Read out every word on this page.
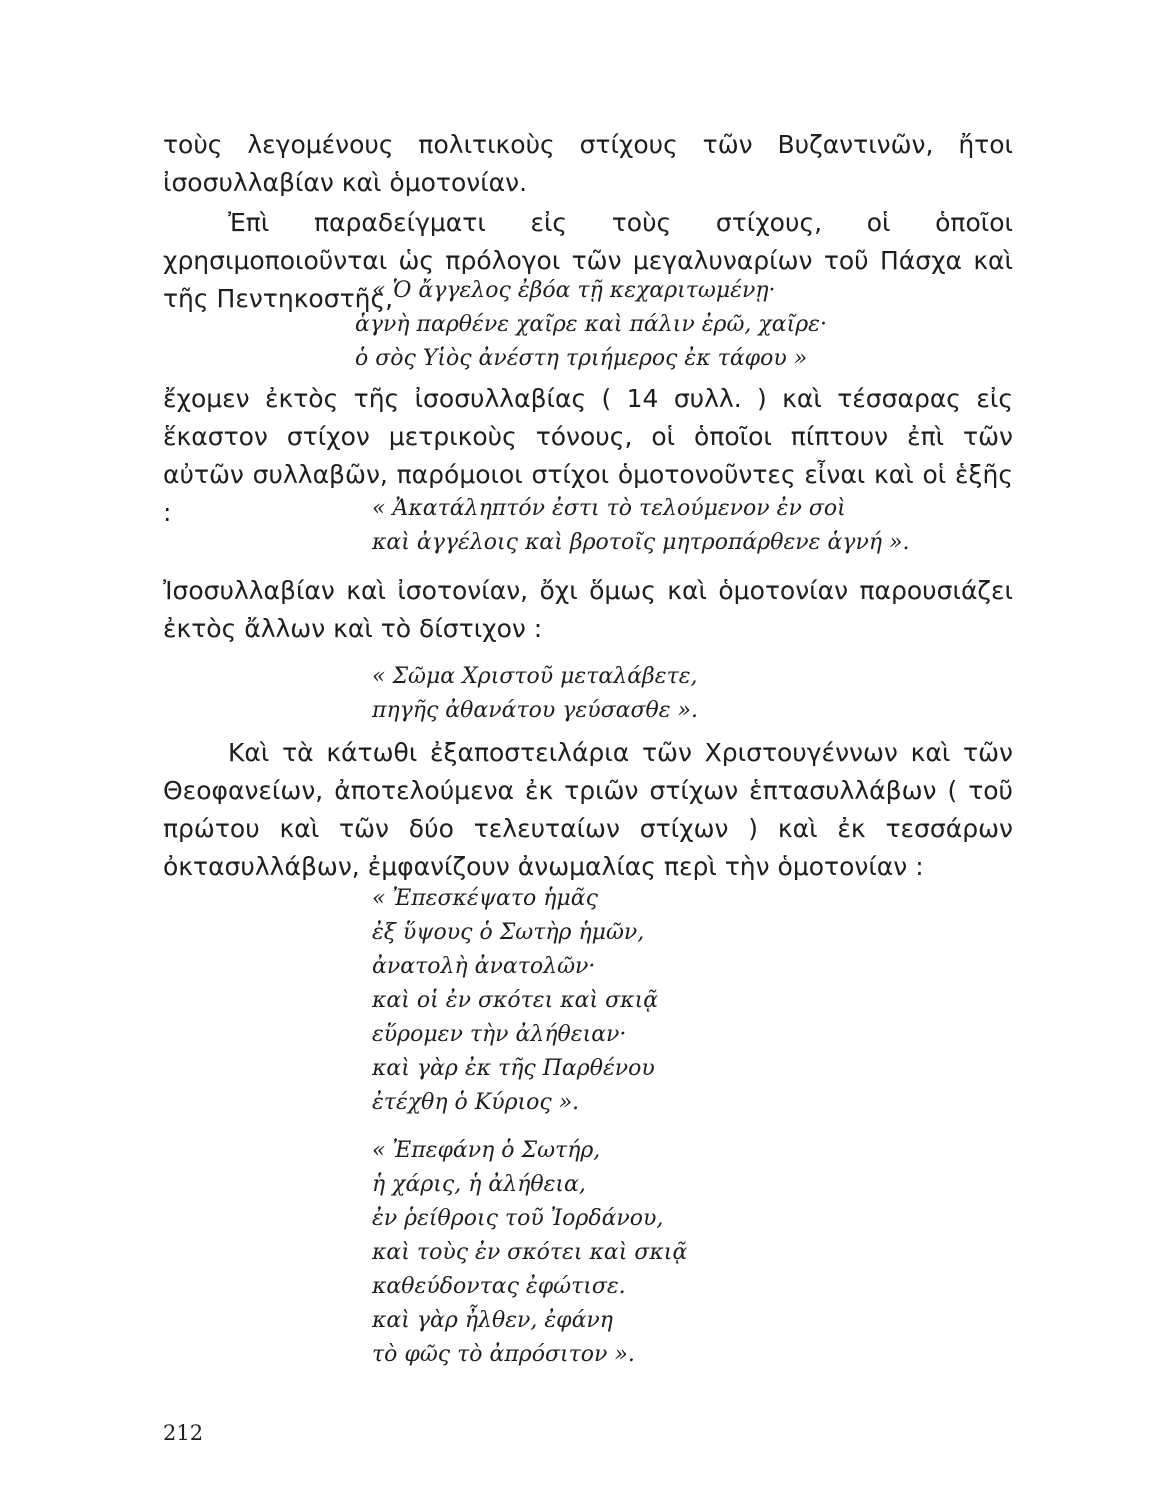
τοὺς λεγομένους πολιτικοὺς στίχους τῶν Βυζαντινῶν, ἤτοι ἰσοσυλλαβίαν καὶ ὁμοτονίαν.

Ἐπὶ παραδείγματι εἰς τοὺς στίχους, οἱ ὁποῖοι χρησιμοποιοῦνται ὡς πρόλογοι τῶν μεγαλυναρίων τοῦ Πάσχα καὶ τῆς Πεντηκοστῆς,

« Ὁ ἄγγελος ἐβόα τῇ κεχαριτωμένῃ·
ἁγνὴ παρθένε χαῖρε καὶ πάλιν ἐρῶ, χαῖρε·
ὁ σὸς Υἱὸς ἀνέστη τριήμερος ἐκ τάφου »

ἔχομεν ἐκτὸς τῆς ἰσοσυλλαβίας ( 14 συλλ. ) καὶ τέσσαρας εἰς ἕκαστον στίχον μετρικοὺς τόνους, οἱ ὁποῖοι πίπτουν ἐπὶ τῶν αὐτῶν συλλαβῶν, παρόμοιοι στίχοι ὁμοτονοῦντες εἶναι καὶ οἱ ἑξῆς :	« Ἀκατάληπτόν ἐστι τὸ τελούμενον ἐν σοὶ
καὶ ἀγγέλοις καὶ βροτοῖς μητροπάρθενε ἁγνή ».

Ἰσοσυλλαβίαν καὶ ἰσοτονίαν, ὄχι ὅμως καὶ ὁμοτονίαν παρουσιάζει ἐκτὸς ἄλλων καὶ τὸ δίστιχον :

« Σῶμα Χριστοῦ μεταλάβετε,
πηγῆς ἀθανάτου γεύσασθε ».

Καὶ τὰ κάτωθι ἐξαποστειλάρια τῶν Χριστουγέννων καὶ τῶν Θεοφανείων, ἀποτελούμενα ἐκ τριῶν στίχων ἑπτασυλλάβων ( τοῦ πρώτου καὶ τῶν δύο τελευταίων στίχων ) καὶ ἐκ τεσσάρων ὀκτασυλλάβων, ἐμφανίζουν ἀνωμαλίας περὶ τὴν ὁμοτονίαν :

« Ἐπεσκέψατο ἡμᾶς
ἐξ ὕψους ὁ Σωτὴρ ἡμῶν,
ἀνατολὴ ἀνατολῶν·
καὶ οἱ ἐν σκότει καὶ σκιᾷ
εὕρομεν τὴν ἀλήθειαν·
καὶ γὰρ ἐκ τῆς Παρθένου
ἐτέχθη ὁ Κύριος ».
« Ἐπεφάνη ὁ Σωτήρ,
ἡ χάρις, ἡ ἀλήθεια,
ἐν ῥείθροις τοῦ Ἰορδάνου,
καὶ τοὺς ἐν σκότει καὶ σκιᾷ
καθεύδοντας ἐφώτισε.
καὶ γὰρ ἦλθεν, ἐφάνη
τὸ φῶς τὸ ἀπρόσιτον ».
212
